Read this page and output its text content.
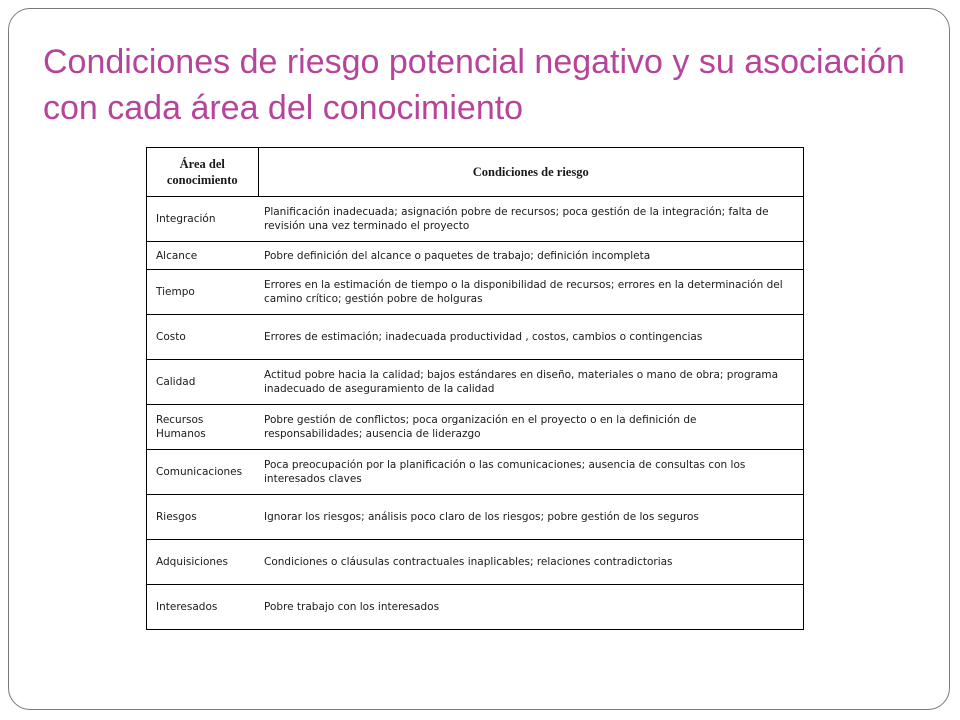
Condiciones de riesgo potencial negativo y su asociación con cada área del conocimiento
Área del conocimiento	Condiciones de riesgo
Integración	Planificación inadecuada; asignación pobre de recursos; poca gestión de la integración; falta de revisión una vez terminado el proyecto
Alcance	Pobre definición del alcance o paquetes de trabajo; definición incompleta
Tiempo	Errores en la estimación de tiempo o la disponibilidad de recursos; errores en la determinación del camino crítico; gestión pobre de holguras
Costo	Errores de estimación; inadecuada productividad , costos, cambios o contingencias
Calidad	Actitud pobre hacia la calidad; bajos estándares en diseño, materiales o mano de obra; programa inadecuado de aseguramiento de la calidad
Recursos Humanos	Pobre gestión de conflictos; poca organización en el proyecto o en la definición de responsabilidades; ausencia de liderazgo
Comunicaciones	Poca preocupación por la planificación o las comunicaciones; ausencia de consultas con los interesados claves
Riesgos	Ignorar los riesgos; análisis poco claro de los riesgos; pobre gestión de los seguros
Adquisiciones	Condiciones o cláusulas contractuales inaplicables; relaciones contradictorias
Interesados	Pobre trabajo con los interesados
